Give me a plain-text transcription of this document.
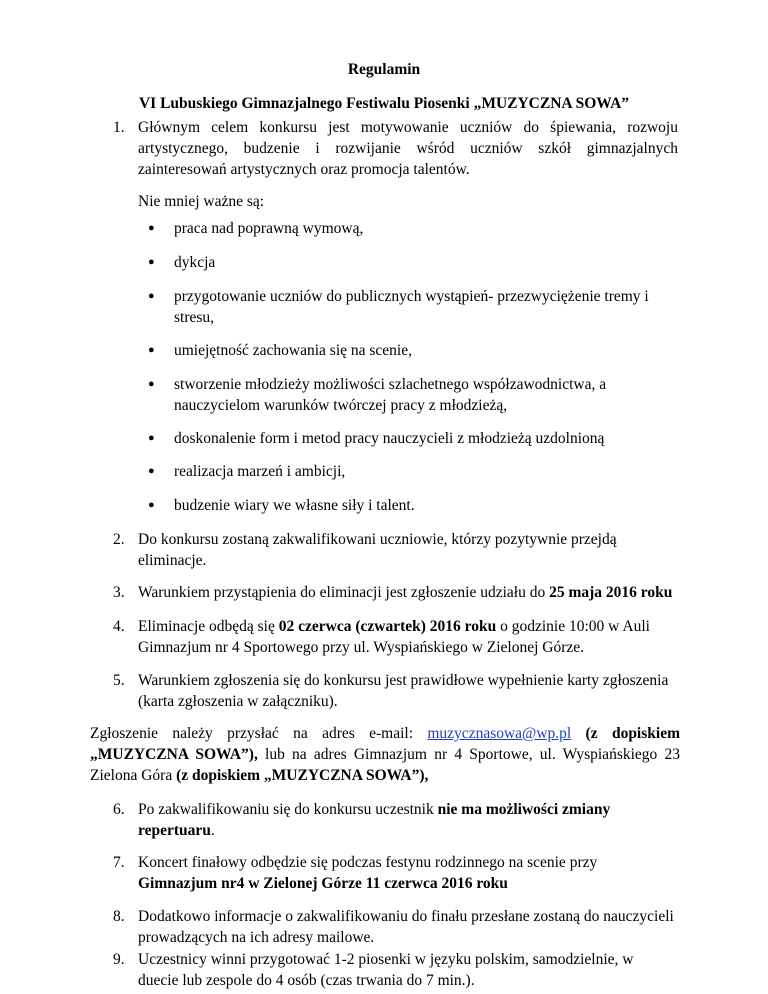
Regulamin
VI Lubuskiego Gimnazjalnego Festiwalu Piosenki „MUZYCZNA SOWA”
1. Głównym celem konkursu jest motywowanie uczniów do śpiewania, rozwoju artystycznego, budzenie i rozwijanie wśród uczniów szkół gimnazjalnych zainteresowań artystycznych oraz promocja talentów.
Nie mniej ważne są:
● praca nad poprawną wymową,
● dykcja
● przygotowanie uczniów do publicznych wystąpień- przezwyciężenie tremy i stresu,
● umiejętność zachowania się na scenie,
● stworzenie młodzieży możliwości szlachetnego współzawodnictwa, a nauczycielom warunków twórczej pracy z młodzieżą,
● doskonalenie form i metod pracy nauczycieli z młodzieżą uzdolnioną
● realizacja marzeń i ambicji,
● budzenie wiary we własne siły i talent.
2. Do konkursu zostaną zakwalifikowani uczniowie, którzy pozytywnie przejdą eliminacje.
3. Warunkiem przystąpienia do eliminacji jest zgłoszenie udziału do 25 maja 2016 roku
4. Eliminacje odbędą się 02 czerwca (czwartek) 2016 roku o godzinie 10:00 w Auli Gimnazjum nr 4 Sportowego przy ul. Wyspiańskiego w Zielonej Górze.
5. Warunkiem zgłoszenia się do konkursu jest prawidłowe wypełnienie karty zgłoszenia (karta zgłoszenia w załączniku).
Zgłoszenie należy przysłać na adres e-mail: muzycznasowa@wp.pl (z dopiskiem „MUZYCZNA SOWA”), lub na adres Gimnazjum nr 4 Sportowe, ul. Wyspiańskiego 23 Zielona Góra (z dopiskiem „MUZYCZNA SOWA”),
6. Po zakwalifikowaniu się do konkursu uczestnik nie ma możliwości zmiany repertuaru.
7. Koncert finałowy odbędzie się podczas festynu rodzinnego na scenie przy Gimnazjum nr4 w Zielonej Górze 11 czerwca 2016 roku
8. Dodatkowo informacje o zakwalifikowaniu do finału przesłane zostaną do nauczycieli prowadzących na ich adresy mailowe.
9. Uczestnicy winni przygotować 1-2 piosenki w języku polskim, samodzielnie, w duecie lub zespole do 4 osób (czas trwania do 7 min.).
